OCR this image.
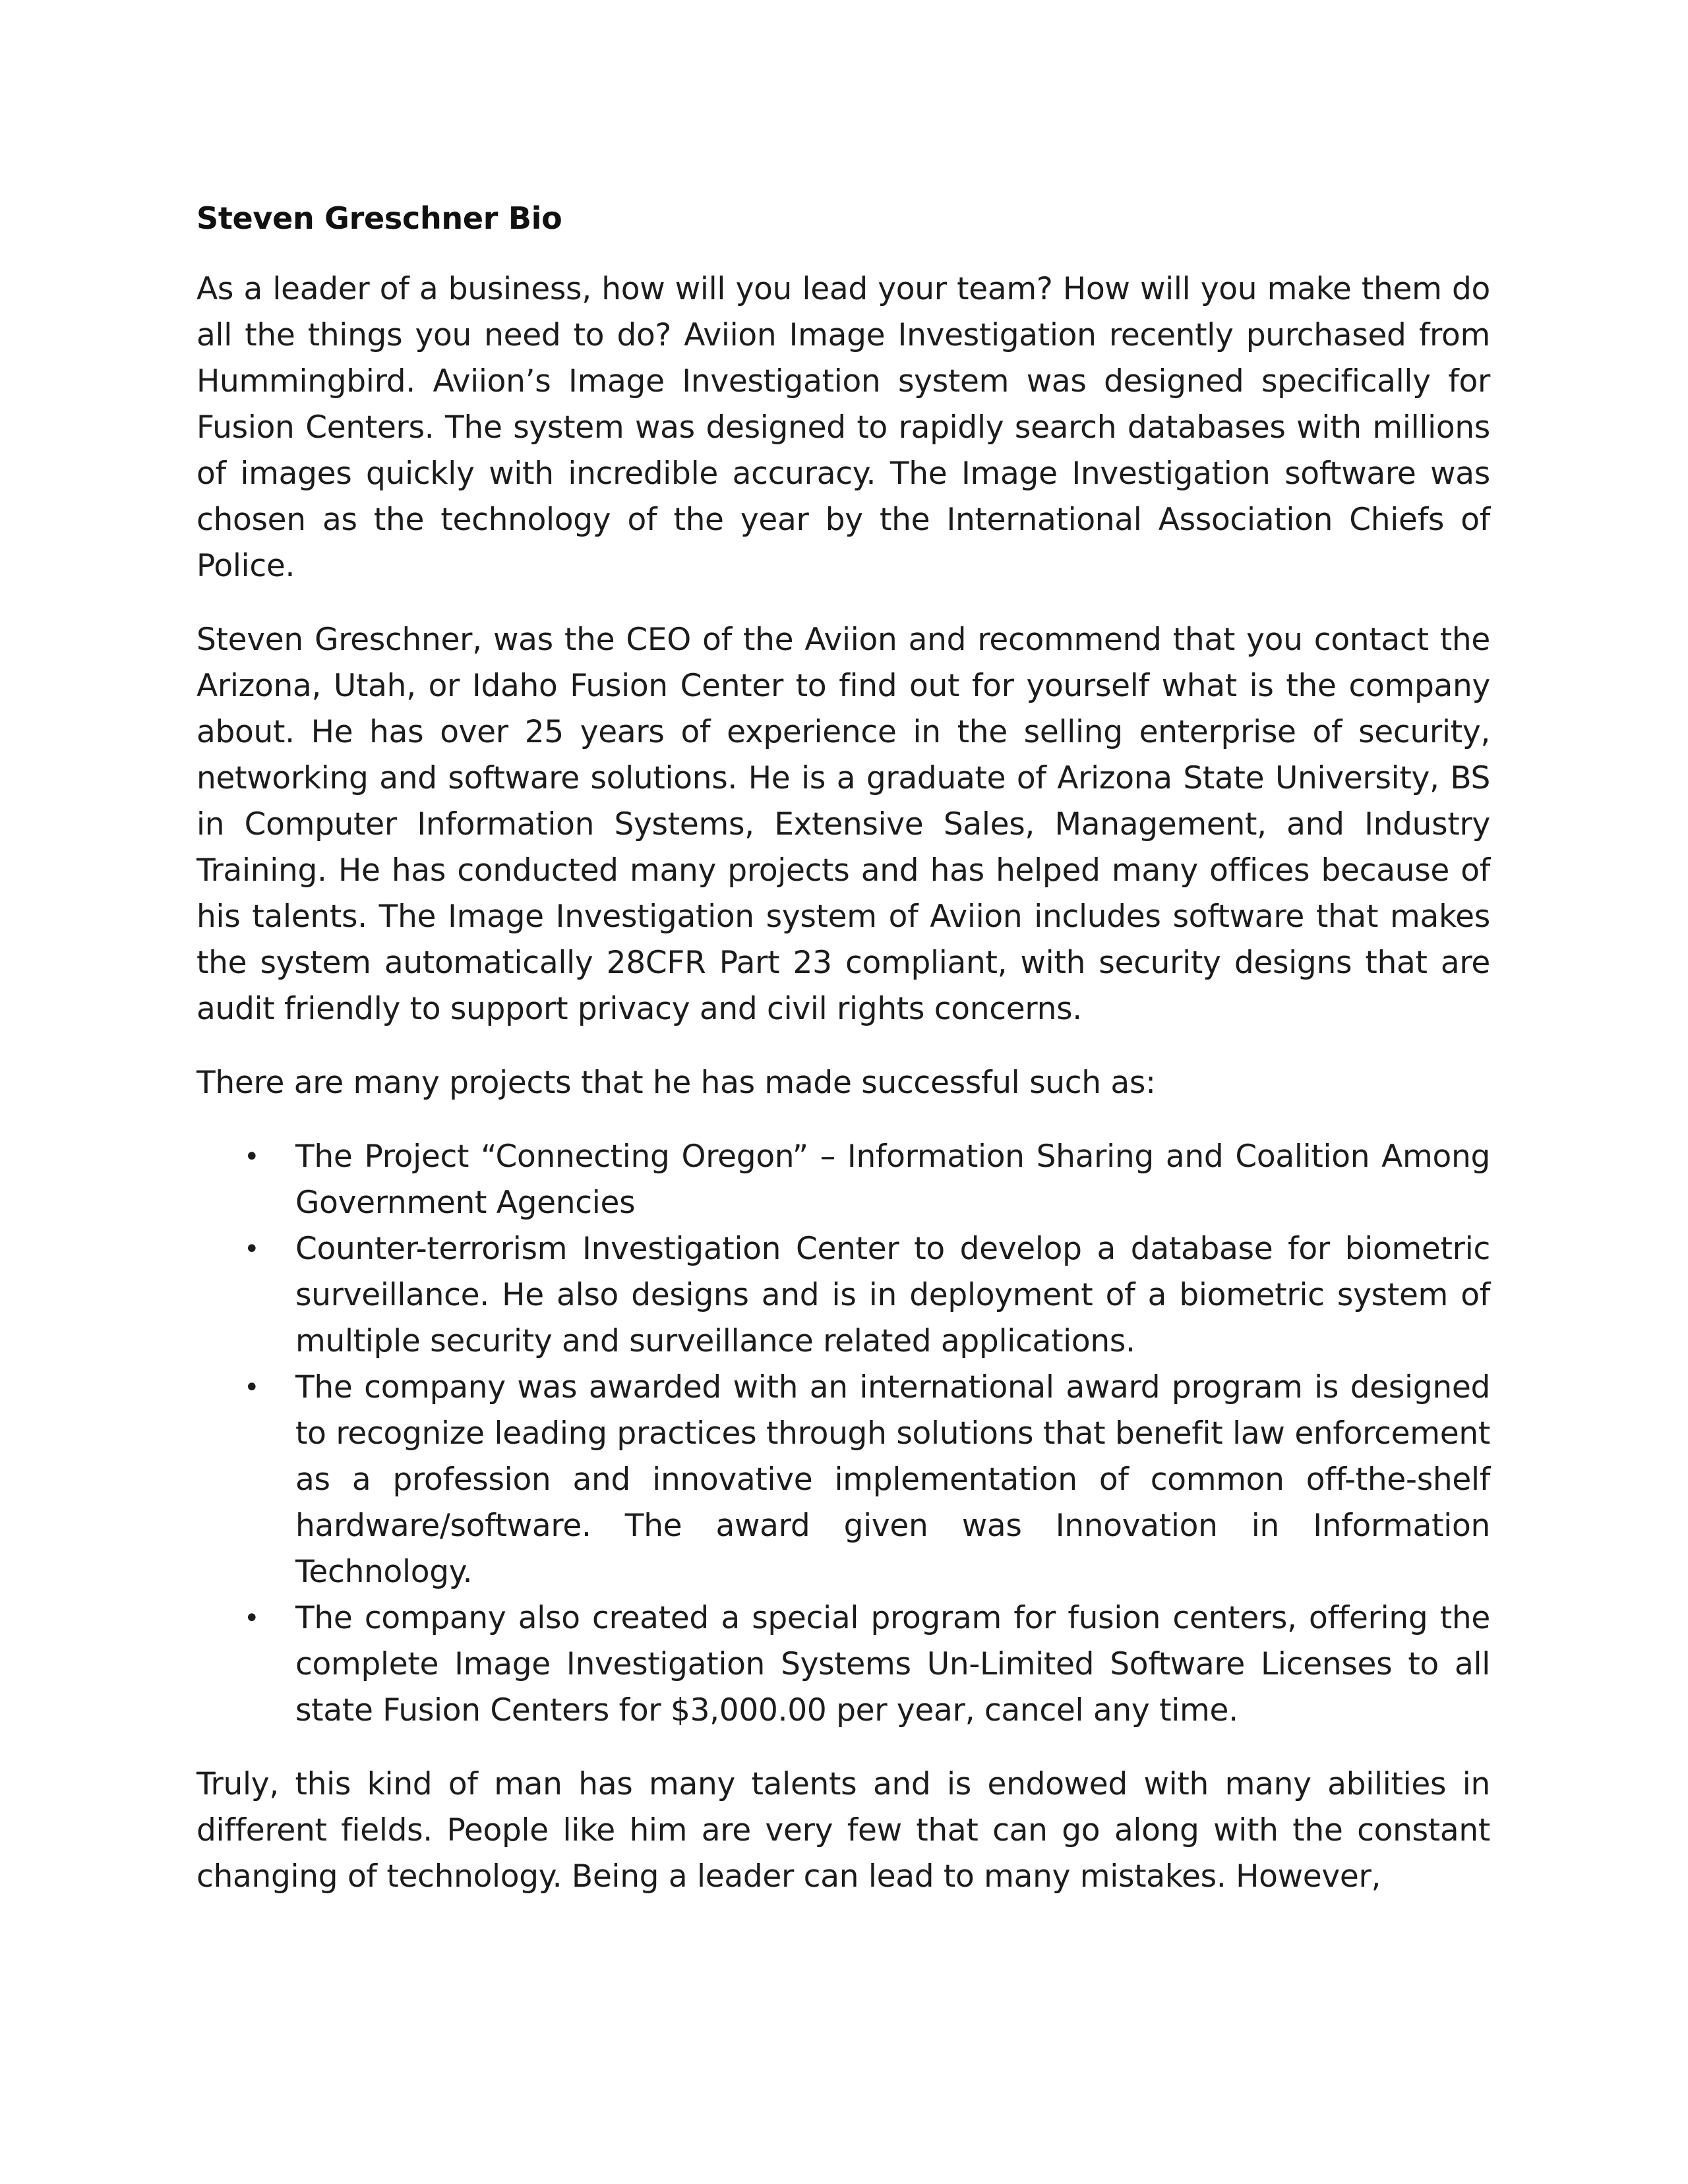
Steven Greschner Bio

As a leader of a business, how will you lead your team? How will you make them do all the things you need to do? Aviion Image Investigation recently purchased from Hummingbird. Aviion’s Image Investigation system was designed specifically for Fusion Centers. The system was designed to rapidly search databases with millions of images quickly with incredible accuracy. The Image Investigation software was chosen as the technology of the year by the International Association Chiefs of Police.

Steven Greschner, was the CEO of the Aviion and recommend that you contact the Arizona, Utah, or Idaho Fusion Center to find out for yourself what is the company about. He has over 25 years of experience in the selling enterprise of security, networking and software solutions. He is a graduate of Arizona State University, BS in Computer Information Systems, Extensive Sales, Management, and Industry Training. He has conducted many projects and has helped many offices because of his talents. The Image Investigation system of Aviion includes software that makes the system automatically 28CFR Part 23 compliant, with security designs that are audit friendly to support privacy and civil rights concerns.

There are many projects that he has made successful such as:

• The Project “Connecting Oregon” – Information Sharing and Coalition Among Government Agencies
• Counter-terrorism Investigation Center to develop a database for biometric surveillance. He also designs and is in deployment of a biometric system of multiple security and surveillance related applications.
• The company was awarded with an international award program is designed to recognize leading practices through solutions that benefit law enforcement as a profession and innovative implementation of common off-the-shelf hardware/software. The award given was Innovation in Information Technology.
• The company also created a special program for fusion centers, offering the complete Image Investigation Systems Un-Limited Software Licenses to all state Fusion Centers for $3,000.00 per year, cancel any time.

Truly, this kind of man has many talents and is endowed with many abilities in different fields. People like him are very few that can go along with the constant changing of technology. Being a leader can lead to many mistakes. However,
